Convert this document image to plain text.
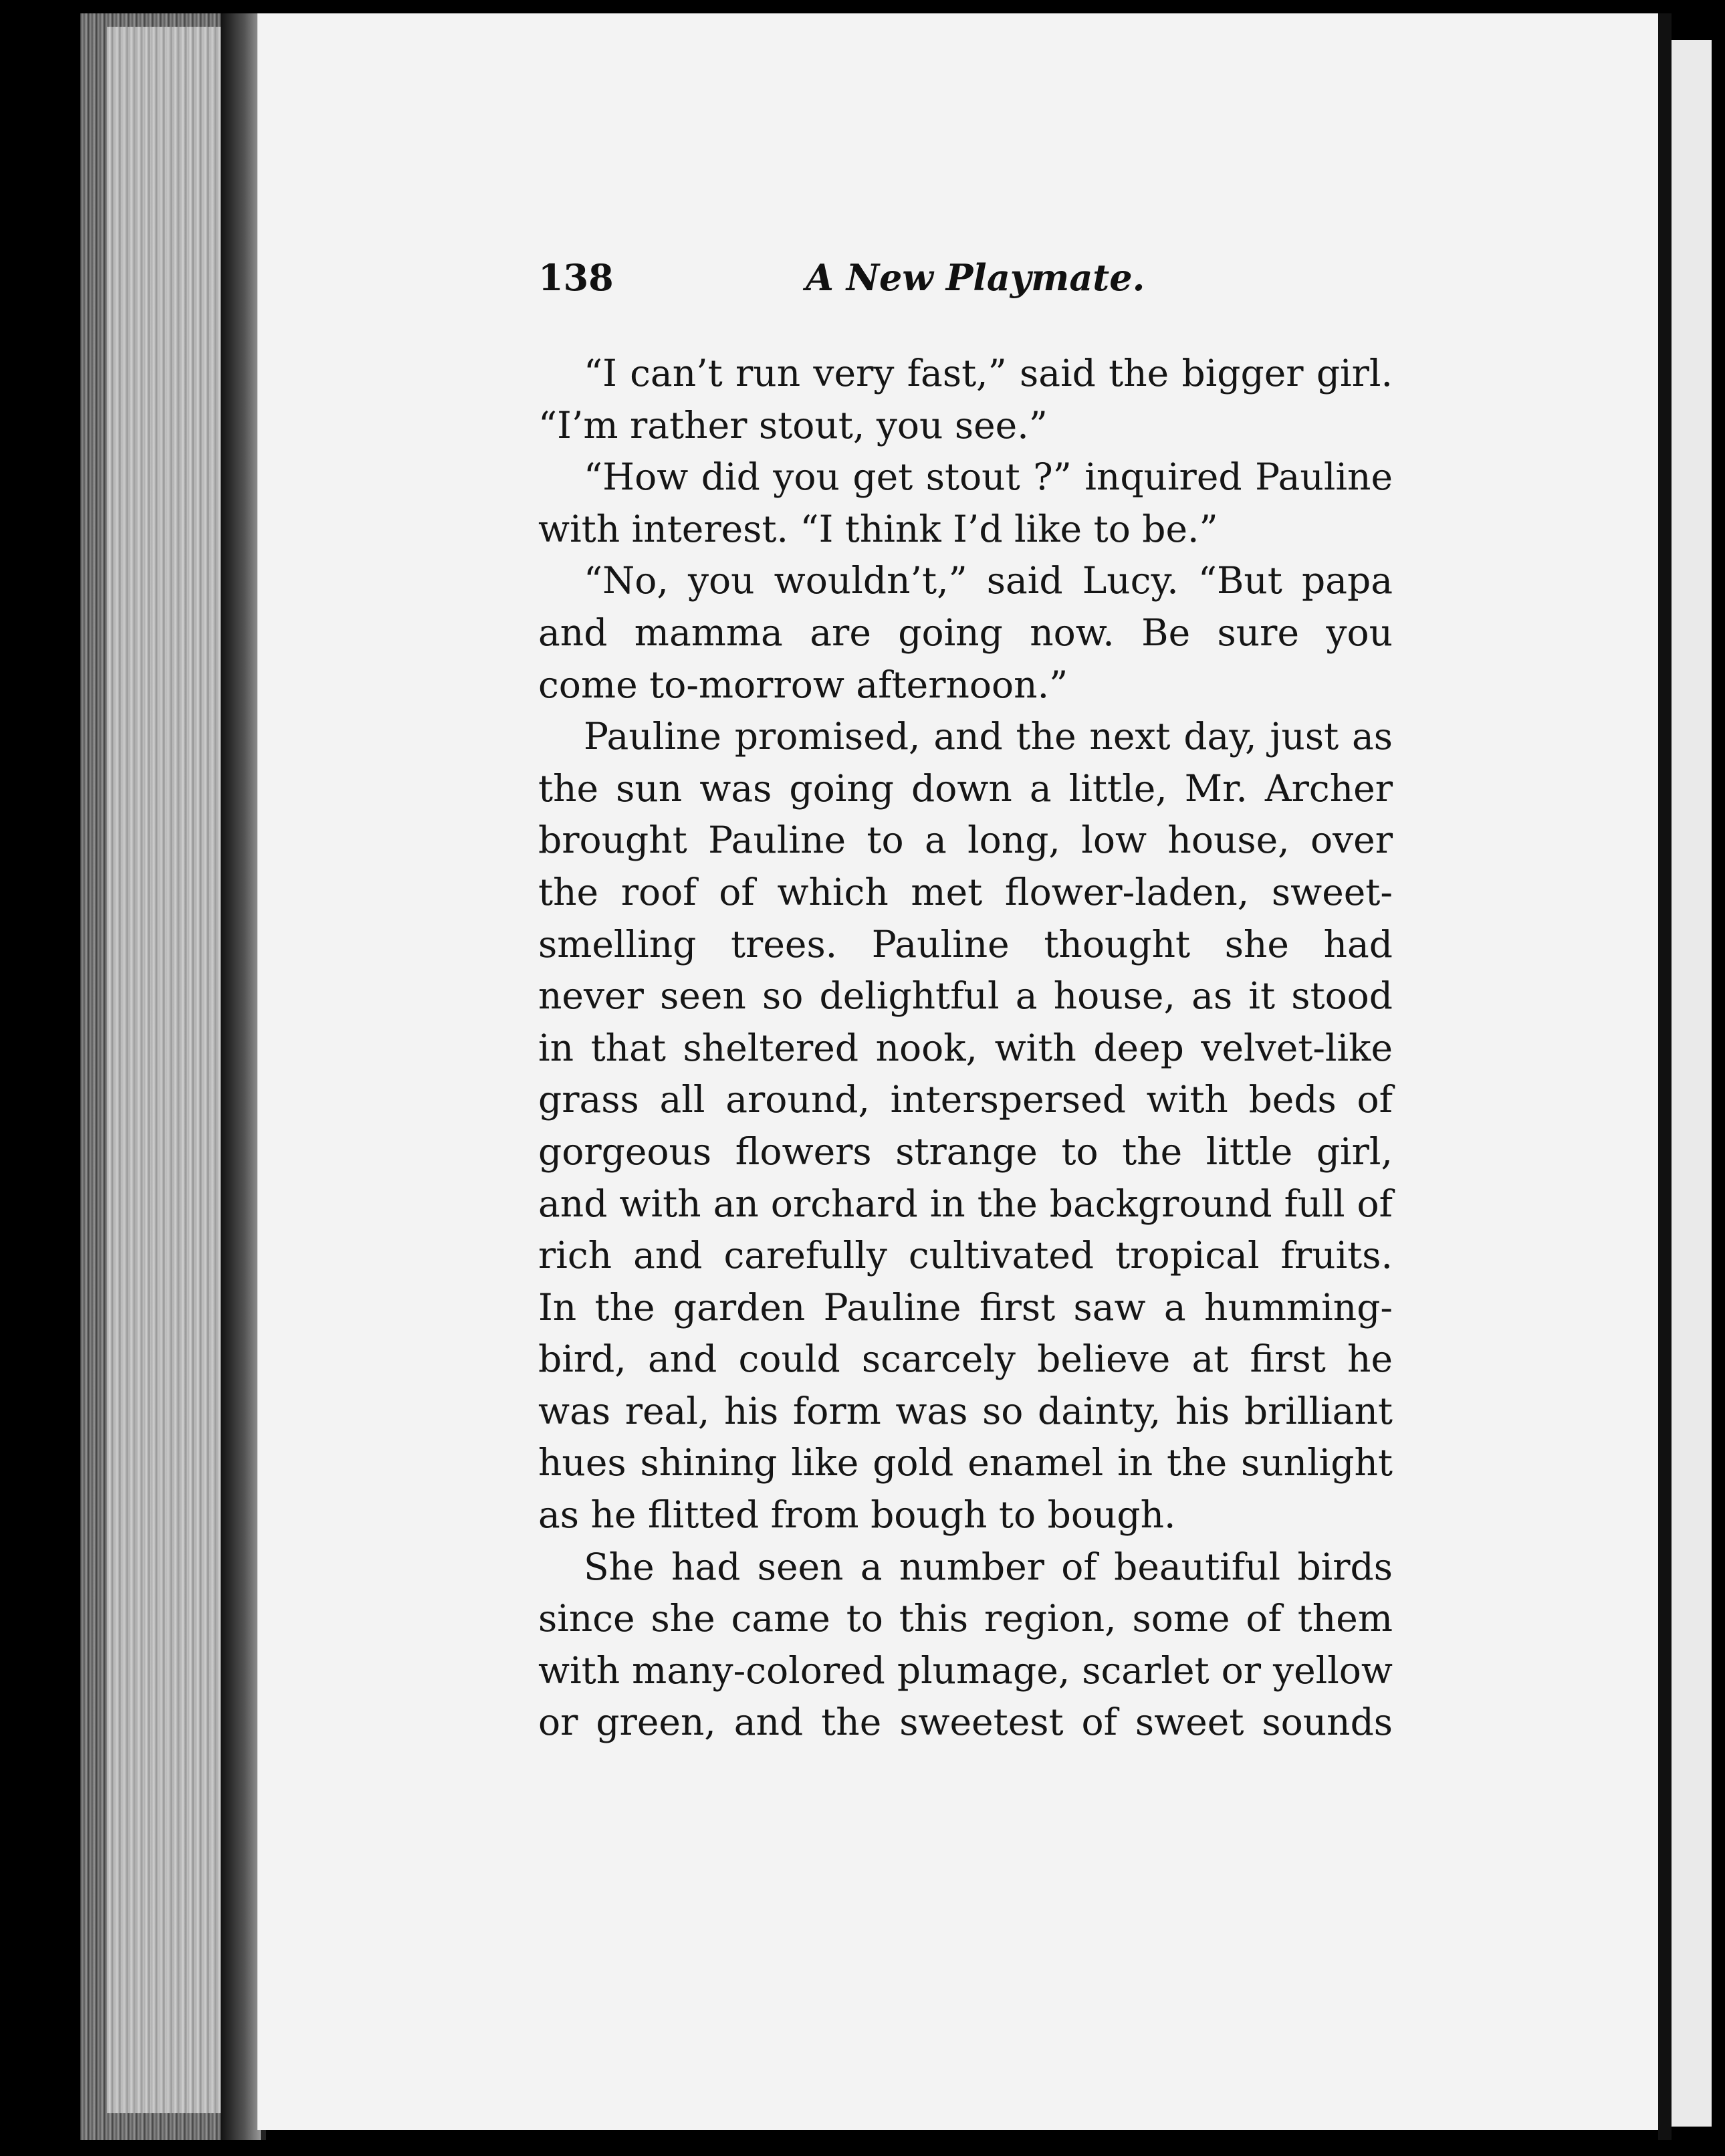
138	A New Playmate.

“I can’t run very fast,” said the bigger girl. “I’m rather stout, you see.”

“How did you get stout ?” inquired Pauline with interest. “I think I’d like to be.”

“No, you wouldn’t,” said Lucy. “But papa and mamma are going now. Be sure you come to-morrow afternoon.”

Pauline promised, and the next day, just as the sun was going down a little, Mr. Archer brought Pauline to a long, low house, over the roof of which met flower-laden, sweet-smelling trees. Pauline thought she had never seen so delightful a house, as it stood in that sheltered nook, with deep velvet-like grass all around, interspersed with beds of gorgeous flowers strange to the little girl, and with an orchard in the background full of rich and carefully cultivated tropical fruits. In the garden Pauline first saw a humming-bird, and could scarcely believe at first he was real, his form was so dainty, his brilliant hues shining like gold enamel in the sunlight as he flitted from bough to bough.

She had seen a number of beautiful birds since she came to this region, some of them with many-colored plumage, scarlet or yellow or green, and the sweetest of sweet sounds
